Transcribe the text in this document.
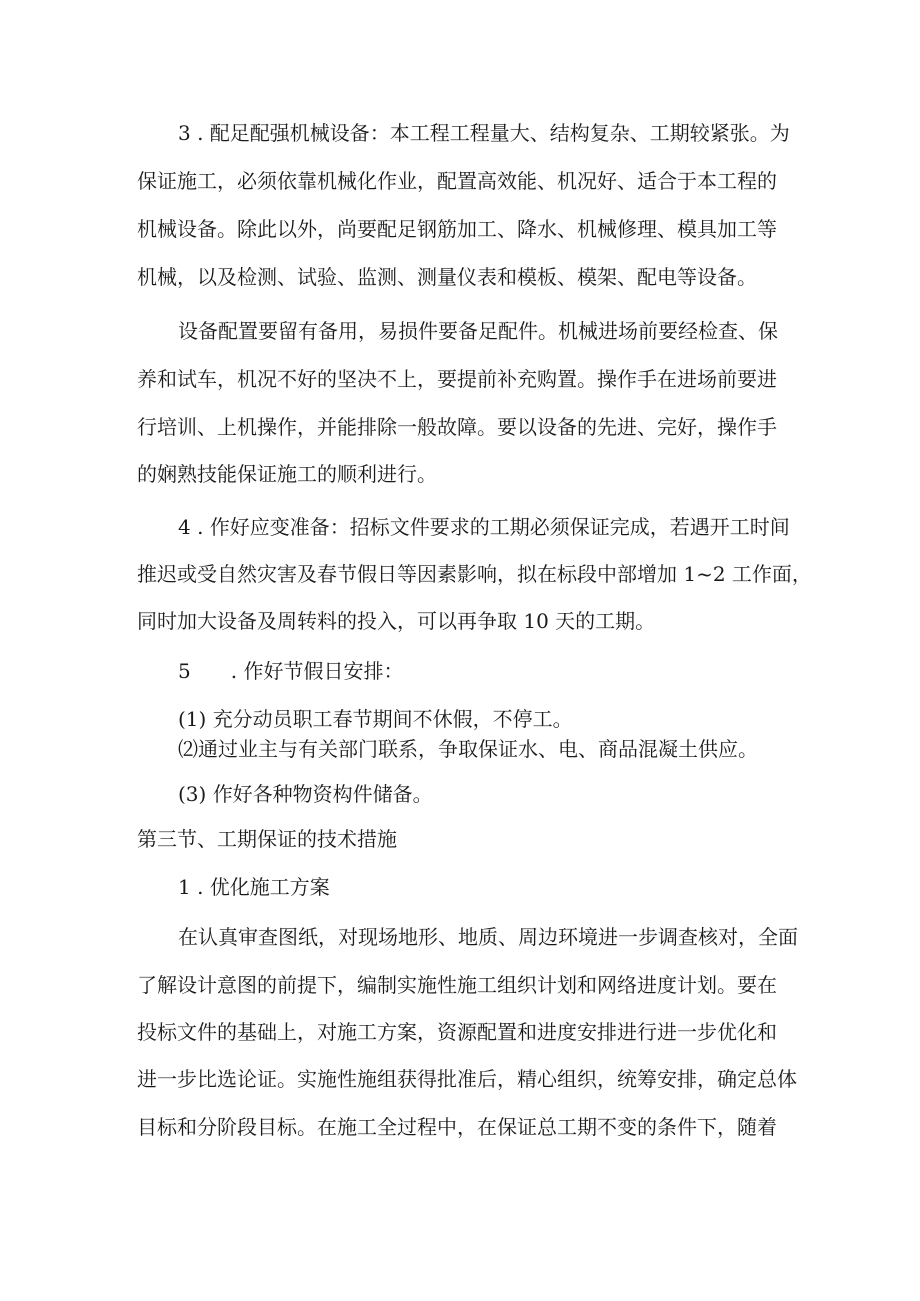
3 . 配足配强机械设备：本工程工程量大、结构复杂、工期较紧张。为
保证施工，必须依靠机械化作业，配置高效能、机况好、适合于本工程的
机械设备。除此以外，尚要配足钢筋加工、降水、机械修理、模具加工等
机械，以及检测、试验、监测、测量仪表和模板、模架、配电等设备。
设备配置要留有备用，易损件要备足配件。机械进场前要经检查、保
养和试车，机况不好的坚决不上，要提前补充购置。操作手在进场前要进
行培训、上机操作，并能排除一般故障。要以设备的先进、完好，操作手
的娴熟技能保证施工的顺利进行。
4 . 作好应变准备：招标文件要求的工期必须保证完成，若遇开工时间
推迟或受自然灾害及春节假日等因素影响，拟在标段中部增加 1~2 工作面，
同时加大设备及周转料的投入，可以再争取 10 天的工期。
5　　. 作好节假日安排：
(1) 充分动员职工春节期间不休假，不停工。
⑵通过业主与有关部门联系，争取保证水、电、商品混凝土供应。
(3) 作好各种物资构件储备。
第三节、工期保证的技术措施
1 . 优化施工方案
在认真审查图纸，对现场地形、地质、周边环境进一步调查核对，全面
了解设计意图的前提下，编制实施性施工组织计划和网络进度计划。要在
投标文件的基础上，对施工方案，资源配置和进度安排进行进一步优化和
进一步比选论证。实施性施组获得批准后，精心组织，统筹安排，确定总体
目标和分阶段目标。在施工全过程中，在保证总工期不变的条件下，随着
